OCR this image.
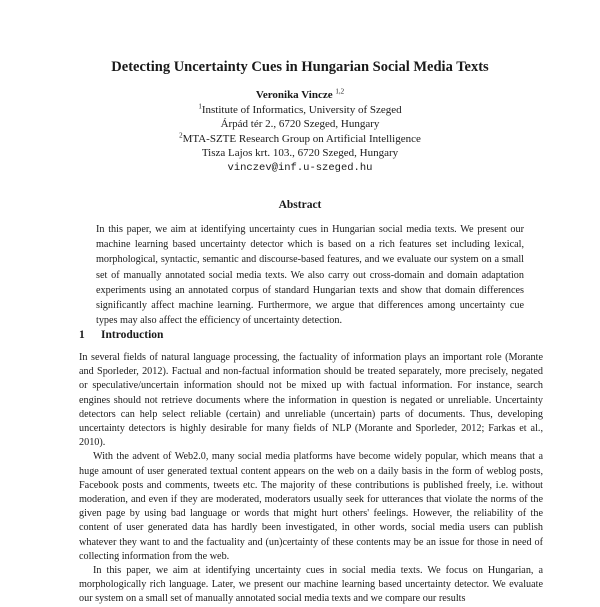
Detecting Uncertainty Cues in Hungarian Social Media Texts
Veronika Vincze $^{1,2}$
$^1$Institute of Informatics, University of Szeged
Árpád tér 2., 6720 Szeged, Hungary
$^2$MTA-SZTE Research Group on Artificial Intelligence
Tisza Lajos krt. 103., 6720 Szeged, Hungary
vinczev@inf.u-szeged.hu
Abstract
In this paper, we aim at identifying uncertainty cues in Hungarian social media texts. We present our machine learning based uncertainty detector which is based on a rich features set including lexical, morphological, syntactic, semantic and discourse-based features, and we evaluate our system on a small set of manually annotated social media texts. We also carry out cross-domain and domain adaptation experiments using an annotated corpus of standard Hungarian texts and show that domain differences significantly affect machine learning. Furthermore, we argue that differences among uncertainty cue types may also affect the efficiency of uncertainty detection.
1 Introduction

In several fields of natural language processing, the factuality of information plays an important role (Morante and Sporleder, 2012). Factual and non-factual information should be treated separately, more precisely, negated or speculative/uncertain information should not be mixed up with factual information. For instance, search engines should not retrieve documents where the information in question is negated or unreliable. Uncertainty detectors can help select reliable (certain) and unreliable (uncertain) parts of documents. Thus, developing uncertainty detectors is highly desirable for many fields of NLP (Morante and Sporleder, 2012; Farkas et al., 2010).

With the advent of Web2.0, many social media platforms have become widely popular, which means that a huge amount of user generated textual content appears on the web on a daily basis in the form of weblog posts, Facebook posts and comments, tweets etc. The majority of these contributions is published freely, i.e. without moderation, and even if they are moderated, moderators usually seek for utterances that violate the norms of the given page by using bad language or words that might hurt others' feelings. However, the reliability of the content of user generated data has hardly been investigated, in other words, social media users can publish whatever they want to and the factuality and (un)certainty of these contents may be an issue for those in need of collecting information from the web.

In this paper, we aim at identifying uncertainty cues in social media texts. We focus on Hungarian, a morphologically rich language. Later, we present our machine learning based uncertainty detector. We evaluate our system on a small set of manually annotated social media texts and we compare our results
